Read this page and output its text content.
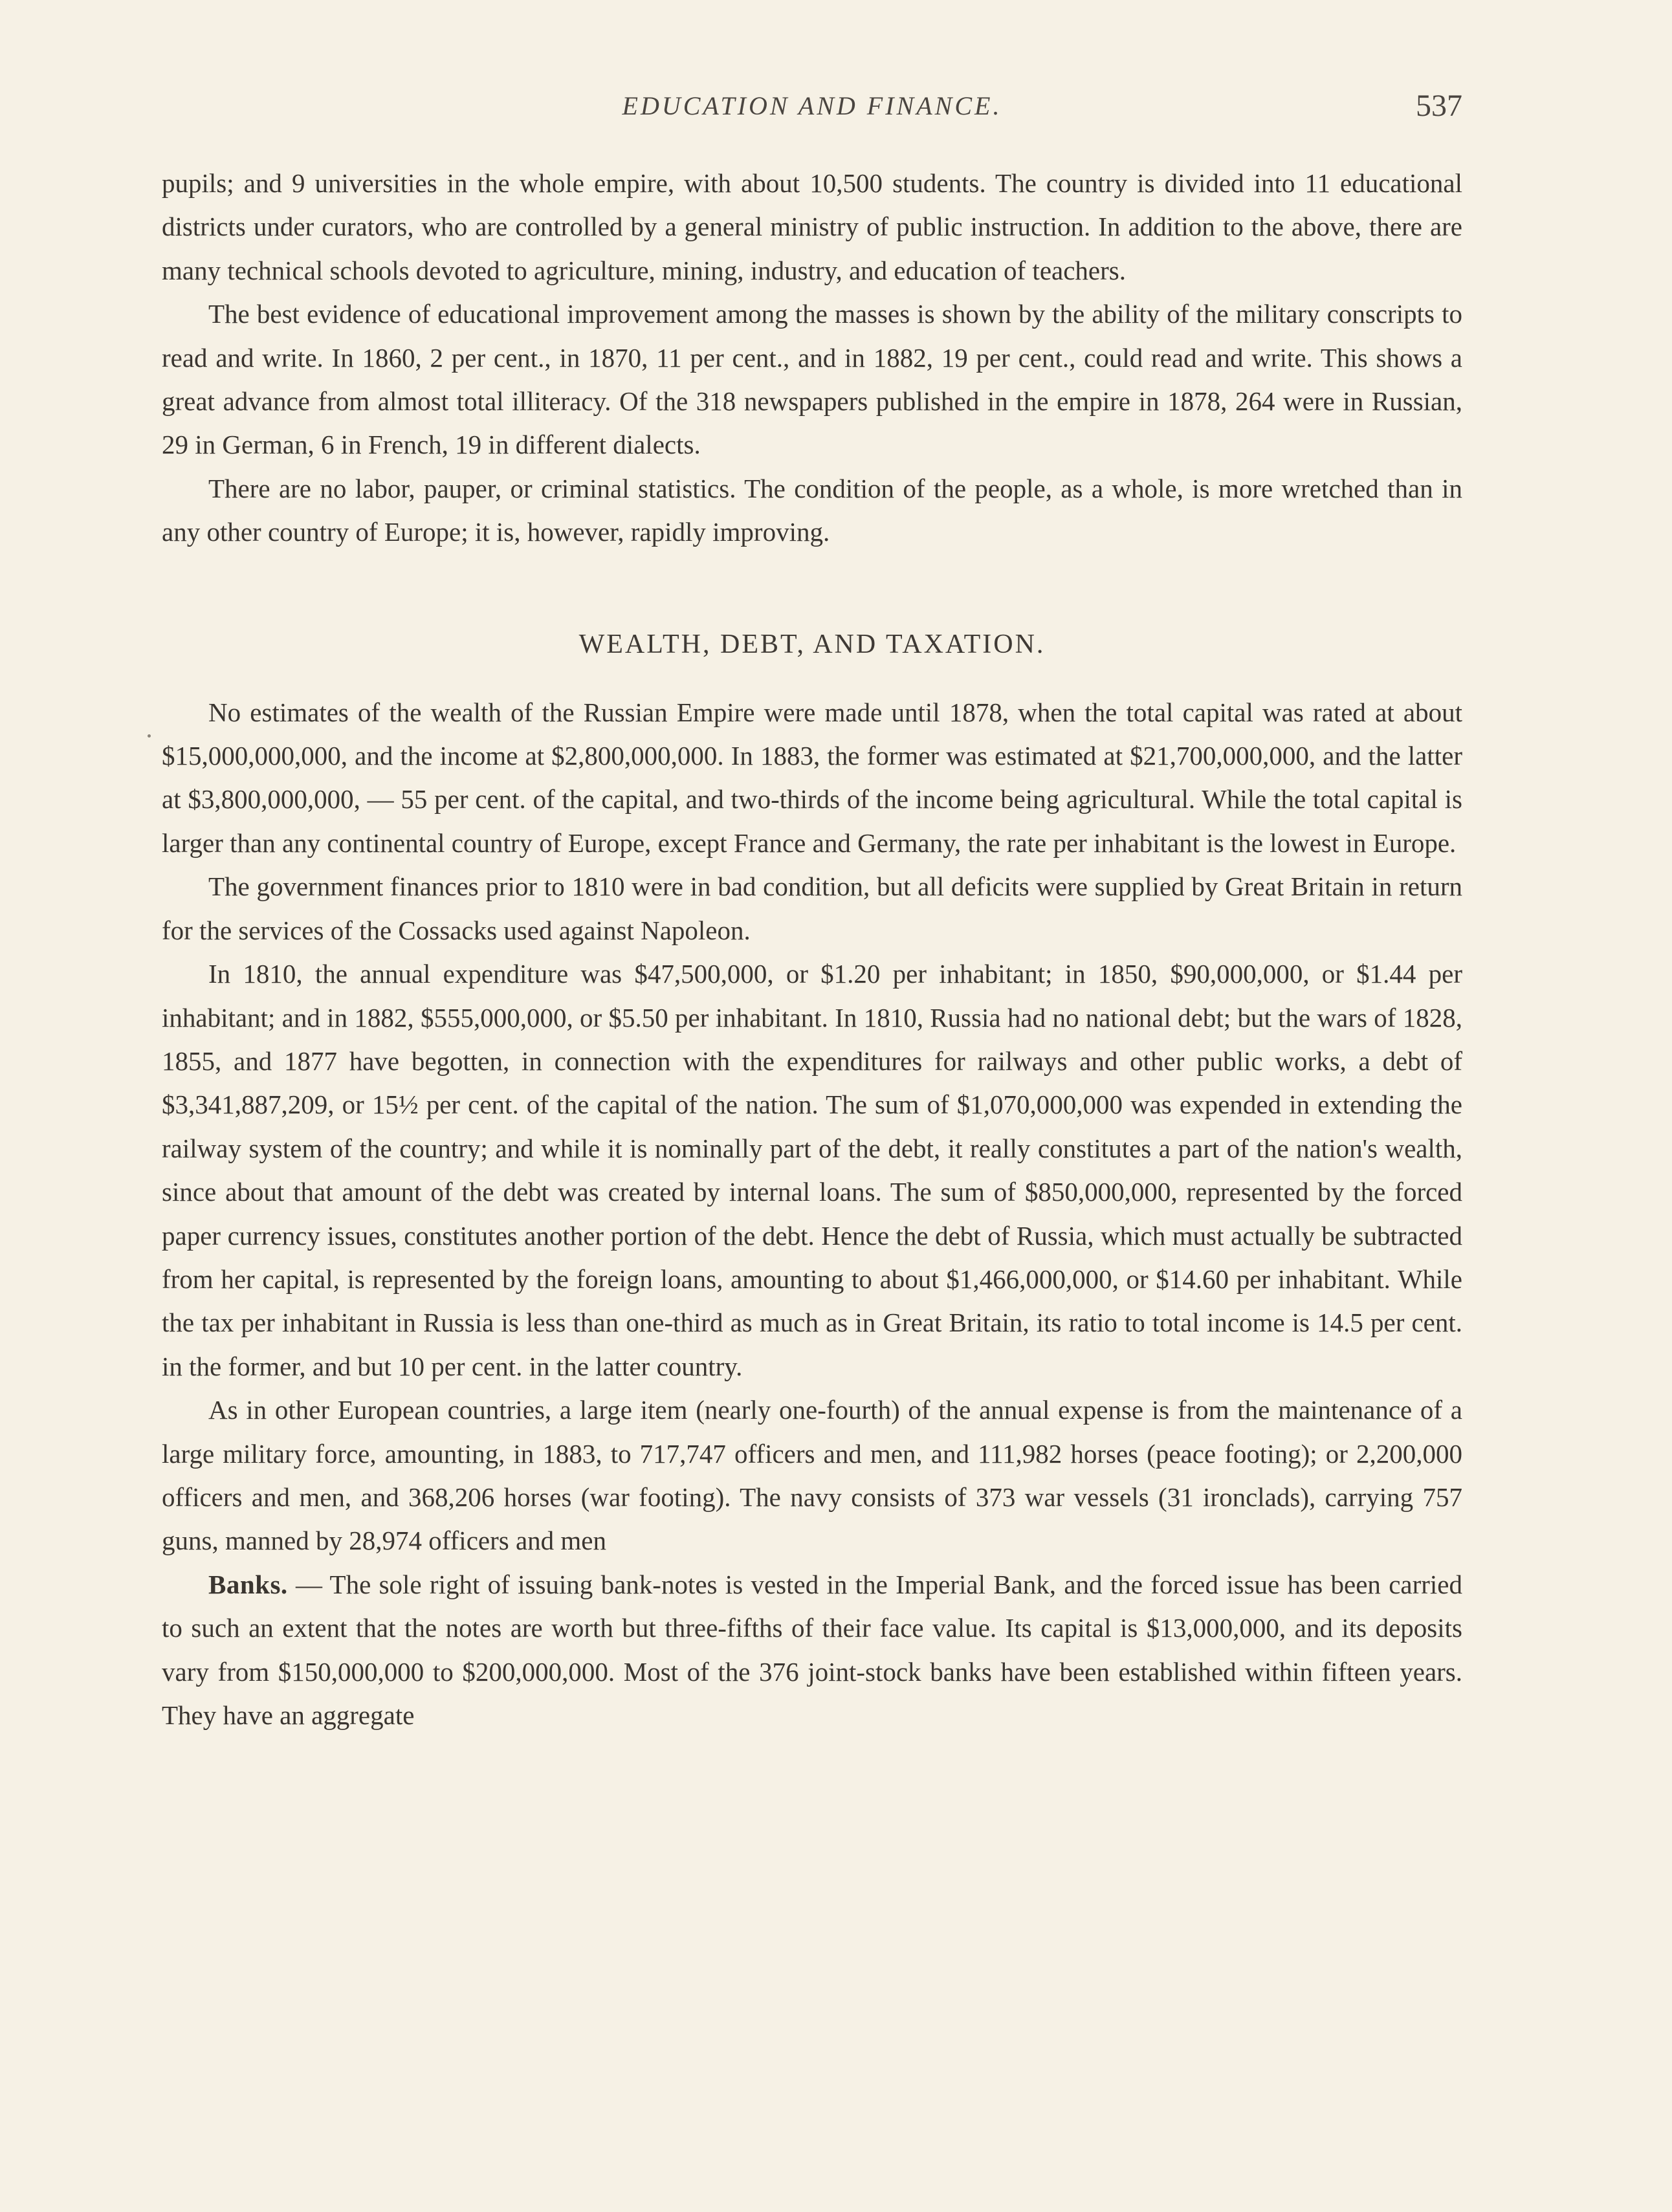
EDUCATION AND FINANCE.	537

pupils; and 9 universities in the whole empire, with about 10,500 students. The country is divided into 11 educational districts under curators, who are controlled by a general ministry of public instruction. In addition to the above, there are many technical schools devoted to agriculture, mining, industry, and education of teachers.

The best evidence of educational improvement among the masses is shown by the ability of the military conscripts to read and write. In 1860, 2 per cent., in 1870, 11 per cent., and in 1882, 19 per cent., could read and write. This shows a great advance from almost total illiteracy. Of the 318 newspapers published in the empire in 1878, 264 were in Russian, 29 in German, 6 in French, 19 in different dialects.

There are no labor, pauper, or criminal statistics. The condition of the people, as a whole, is more wretched than in any other country of Europe; it is, however, rapidly improving.

WEALTH, DEBT, AND TAXATION.

No estimates of the wealth of the Russian Empire were made until 1878, when the total capital was rated at about $15,000,000,000, and the income at $2,800,000,000. In 1883, the former was estimated at $21,700,000,000, and the latter at $3,800,000,000, — 55 per cent. of the capital, and two-thirds of the income being agricultural. While the total capital is larger than any continental country of Europe, except France and Germany, the rate per inhabitant is the lowest in Europe.

The government finances prior to 1810 were in bad condition, but all deficits were supplied by Great Britain in return for the services of the Cossacks used against Napoleon.

In 1810, the annual expenditure was $47,500,000, or $1.20 per inhabitant; in 1850, $90,000,000, or $1.44 per inhabitant; and in 1882, $555,000,000, or $5.50 per inhabitant. In 1810, Russia had no national debt; but the wars of 1828, 1855, and 1877 have begotten, in connection with the expenditures for railways and other public works, a debt of $3,341,887,209, or 15½ per cent. of the capital of the nation. The sum of $1,070,000,000 was expended in extending the railway system of the country; and while it is nominally part of the debt, it really constitutes a part of the nation's wealth, since about that amount of the debt was created by internal loans. The sum of $850,000,000, represented by the forced paper currency issues, constitutes another portion of the debt. Hence the debt of Russia, which must actually be subtracted from her capital, is represented by the foreign loans, amounting to about $1,466,000,000, or $14.60 per inhabitant. While the tax per inhabitant in Russia is less than one-third as much as in Great Britain, its ratio to total income is 14.5 per cent. in the former, and but 10 per cent. in the latter country.

As in other European countries, a large item (nearly one-fourth) of the annual expense is from the maintenance of a large military force, amounting, in 1883, to 717,747 officers and men, and 111,982 horses (peace footing); or 2,200,000 officers and men, and 368,206 horses (war footing). The navy consists of 373 war vessels (31 ironclads), carrying 757 guns, manned by 28,974 officers and men

Banks. — The sole right of issuing bank-notes is vested in the Imperial Bank, and the forced issue has been carried to such an extent that the notes are worth but three-fifths of their face value. Its capital is $13,000,000, and its deposits vary from $150,000,000 to $200,000,000. Most of the 376 joint-stock banks have been established within fifteen years. They have an aggregate
